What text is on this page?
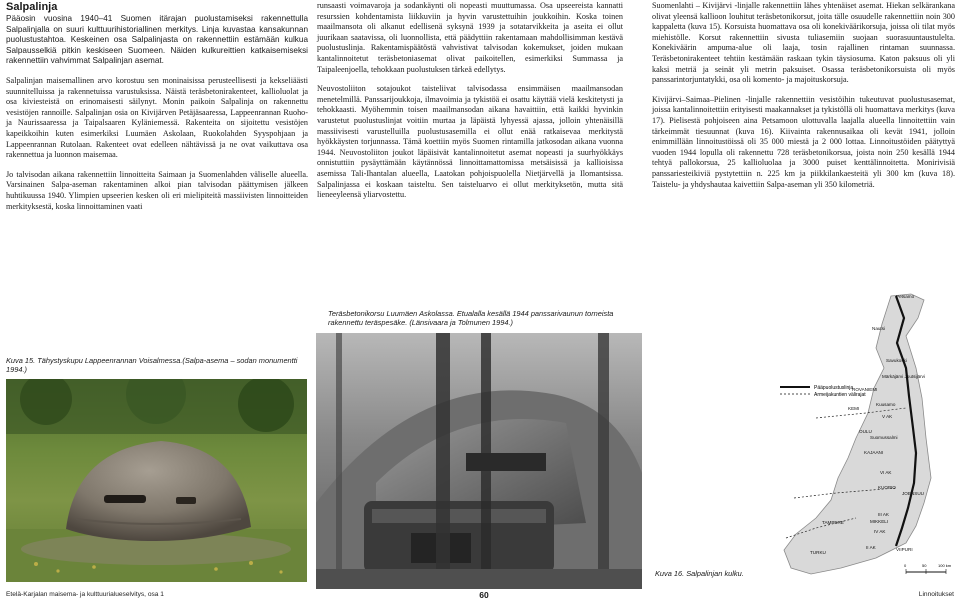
Salpalinja

Pääosin vuosina 1940–41 Suomen itärajan puolustamiseksi rakennettulla Salpalinjalla on suuri kulttuurihistoriallinen merkitys. Linja kuvastaa kansakunnan puolustustahtoa. Keskeinen osa Salpalinjasta on rakennettiin estämään kulkua Salpausselkiä pitkin keskiseen Suomeen. Näiden kulkureittien katkaisemiseksi rakennettiin vahvimmat Salpalinjan asemat.

Salpalinjan maisemallinen arvo korostuu sen moninaisissa perusteellisesti ja kekseliäästi suunnitelluissa ja rakennetuissa varustuksissa. Näistä teräsbetonirakenteet, kallioluolat ja osa kiviesteistä on erinomaisesti säilynyt. Monin paikoin Salpalinja on rakennettu vesistöjen rannoille. Salpalinjan osia on Kivijärven Petäjäsaaressa, Lappeenrannan Ruoho- ja Naurissaaressa ja Taipalsaaren Kyläniemessä. Rakenteita on sijoitettu vesistöjen kapeikkoihin kuten esimerkiksi Luumäen Askolaan, Ruokolahden Syyspohjaan ja Lappeenrannan Rutolaan. Rakenteet ovat edelleen nähtävissä ja ne ovat vaikuttava osa rakennettua ja luonnon maisemaa.

Jo talvisodan aikana rakennettiin linnoitteita Saimaan ja Suomenlahden väliselle alueella. Varsinainen Salpa-aseman rakentaminen alkoi pian talvisodan päättymisen jälkeen huhtikuussa 1940. Ylimpien upseerien kesken oli eri mielipiteitä massiivisten linnoitteiden merkityksestä, koska linnoittaminen vaati

runsaasti voimavaroja ja sodankäynti oli nopeasti muuttumassa. Osa upseereista kannatti resurssien kohdentamista liikkuviin ja hyvin varustettuihin joukkoihin. Koska toinen maailmansota oli alkanut edellisenä syksynä 1939 ja sotatarvikkeita ja aseita ei ollut juurikaan saatavissa, oli luonnollista, että päädyttiin rakentamaan mahdollisimman kestävä puolustuslinja. Rakentamispäätöstä vahvistivat talvisodan kokemukset, joiden mukaan kantalinnoitetut teräsbetoniasemat olivat paikoitellen, esimerkiksi Summassa ja Taipaleenjoella, tehokkaan puolustuksen tärkeä edellytys.

Neuvostoliiton sotajoukot taisteliivat talvisodassa ensimmäisen maailmansodan menetelmillä. Panssarijoukkoja, ilmavoimia ja tykistöä ei osattu käyttää vielä keskitetysti ja tehokkaasti. Myöhemmin toisen maailmansodan aikana havaittiin, että kaikki hyvinkin varustetut puolustuslinjat voitiin murtaa ja läpäistä lyhyessä ajassa, jolloin yhtenäisillä massiivisesti varustelluilla puolustusasemilla ei ollut enää ratkaisevaa merkitystä hyökkäysten torjunnassa. Tämä koettiin myös Suomen rintamilla jatkosodan aikana vuonna 1944. Neuvostoliiton joukot läpäisivät kantalinnoitetut asemat nopeasti ja suurhyökkäys onnistuttiin pysäyttämään käytännössä linnoittamattomissa metsäisissä ja kallioisissa asemissa Tali-Ihantalan alueella, Laatokan pohjoispuolella Nietjärvellä ja Ilomantsissa. Salpalinjassa ei koskaan taisteltu. Sen taisteluarvo ei ollut merkityksetön, mutta sitä lieneeyleensä yliarvostettu.

Suomenlahti – Kivijärvi -linjalle rakennettiin lähes yhtenäiset asemat. Hiekan selkärankana olivat yleensä kallioon louhitut teräsbetonikorsut, joita tälle osuudelle rakennettiin noin 300 kappaletta (kuva 15). Korsuista huomattava osa oli konekiväärikorsuja, joissa oli tilat myös miehistölle. Korsut rakennettiin sivusta tuliasemiin suojaan suorasuuntaustulelta. Konekiväärin ampuma-alue oli laaja, tosin rajallinen rintaman suunnassa. Teräsbetonirakenteet tehtiin kestämään raskaan tykin täysiosuma. Katon paksuus oli yli kaksi metriä ja seinät yli metrin paksuiset. Osassa teräsbetonikorsuista oli myös panssarintorjuntatykki, osa oli komento- ja majoituskorsuja.

Kivijärvi–Saimaa–Pielinen -linjalle rakennettiin vesistöihin tukeutuvat puolustusasemat, joissa kantalinnoitettiin erityisesti maakannakset ja tykistöllä oli huomattava merkitys (kuva 17). Pielisestä pohjoiseen aina Petsamoon ulottuvalla laajalla alueella linnoitettiin vain tärkeimmät tiesuunnat (kuva 16). Kiivainta rakennusaikaa oli kevät 1941, jolloin enimmillään linnoitustöissä oli 35 000 miestä ja 2 000 lottaa. Linnoitustöiden päätyttyä vuoden 1944 lopulla oli rakennettu 728 teräsbetonikorsua, joista noin 250 kesällä 1944 tehtyä pallokorsua, 25 kallioluolaa ja 3000 puiset kenttälinnoitetta. Monirivisiä panssariesteikiviä pystytettiin n. 225 km ja piikkilankaesteitä yli 300 km (kuva 18). Taistelu- ja yhdyshautaa kaivettiin Salpa-aseman yli 350 kilometriä.

Kuva 15. Tähystyskupu Lappeenrannan Voisalmessa.(Salpa-asema – sodan monumentti 1994.)
Teräsbetonikorsu Luumäen Askolassa. Etualalla kesällä 1944 panssarivaunun torneista rakennettu teräspesäke. (Länsivaara ja Tolmunen 1994.)
Pääpuolustuslinja
Armeijakuntien välirajat
Petsamo
Nautsi
Savukoski
Märkäjärvi Joutsijärvi
ROVANIEMI
Kuusamo
KEMI
V AK
OULU
Suomussalmi
KAJAANI
VI AK
KUOPIO
JOENSUU
TAMPERE
III AK
MIKKELI
IV AK
II AK	VIIPURI
TURKU
0	50	100 km
Kuva 16. Salpalinjan kulku.
Etelä-Karjalan maisema- ja kulttuurialueselvitys, osa 1	60	Linnoitukset
